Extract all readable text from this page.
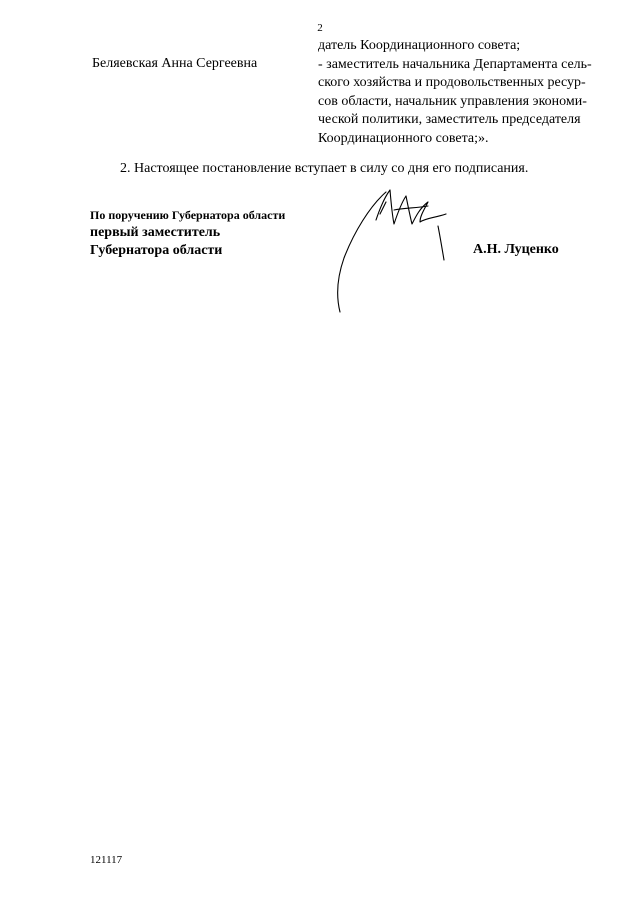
2
Беляевская Анна Сергеевна
датель Координационного совета;
- заместитель начальника Департамента сель-
ского хозяйства и продовольственных ресур-
сов области, начальник управления экономи-
ческой политики, заместитель председателя
Координационного совета;».
2. Настоящее постановление вступает в силу со дня его подписания.
По поручению Губернатора области
первый заместитель
Губернатора области	А.Н. Луценко
121117
